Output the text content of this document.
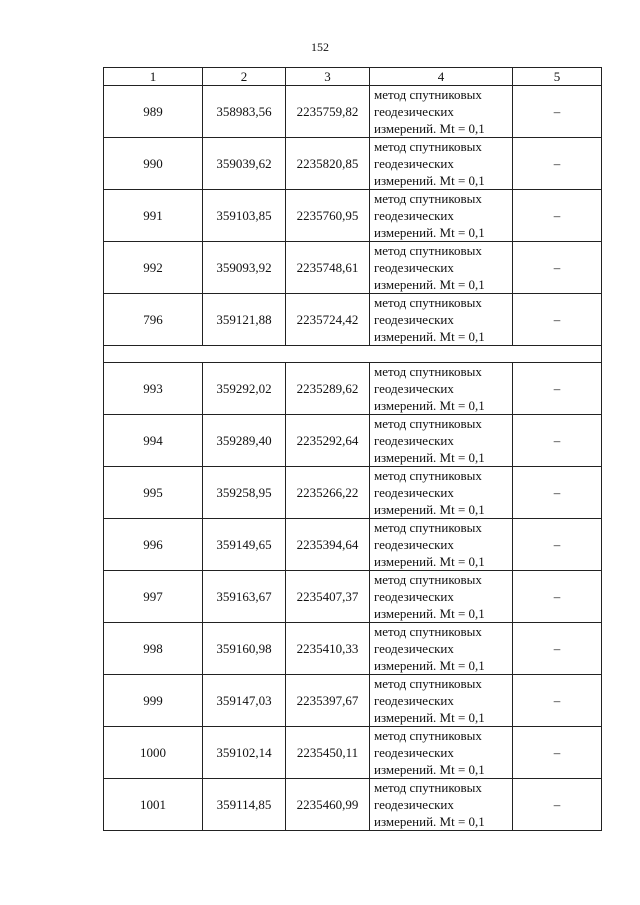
152
1	2	3	4	5
989	358983,56	2235759,82	метод спутниковых
геодезических
измерений. Mt = 0,1	–
990	359039,62	2235820,85	метод спутниковых
геодезических
измерений. Mt = 0,1	–
991	359103,85	2235760,95	метод спутниковых
геодезических
измерений. Mt = 0,1	–
992	359093,92	2235748,61	метод спутниковых
геодезических
измерений. Mt = 0,1	–
796	359121,88	2235724,42	метод спутниковых
геодезических
измерений. Mt = 0,1	–

993	359292,02	2235289,62	метод спутниковых
геодезических
измерений. Mt = 0,1	–
994	359289,40	2235292,64	метод спутниковых
геодезических
измерений. Mt = 0,1	–
995	359258,95	2235266,22	метод спутниковых
геодезических
измерений. Mt = 0,1	–
996	359149,65	2235394,64	метод спутниковых
геодезических
измерений. Mt = 0,1	–
997	359163,67	2235407,37	метод спутниковых
геодезических
измерений. Mt = 0,1	–
998	359160,98	2235410,33	метод спутниковых
геодезических
измерений. Mt = 0,1	–
999	359147,03	2235397,67	метод спутниковых
геодезических
измерений. Mt = 0,1	–
1000	359102,14	2235450,11	метод спутниковых
геодезических
измерений. Mt = 0,1	–
1001	359114,85	2235460,99	метод спутниковых
геодезических
измерений. Mt = 0,1	–
